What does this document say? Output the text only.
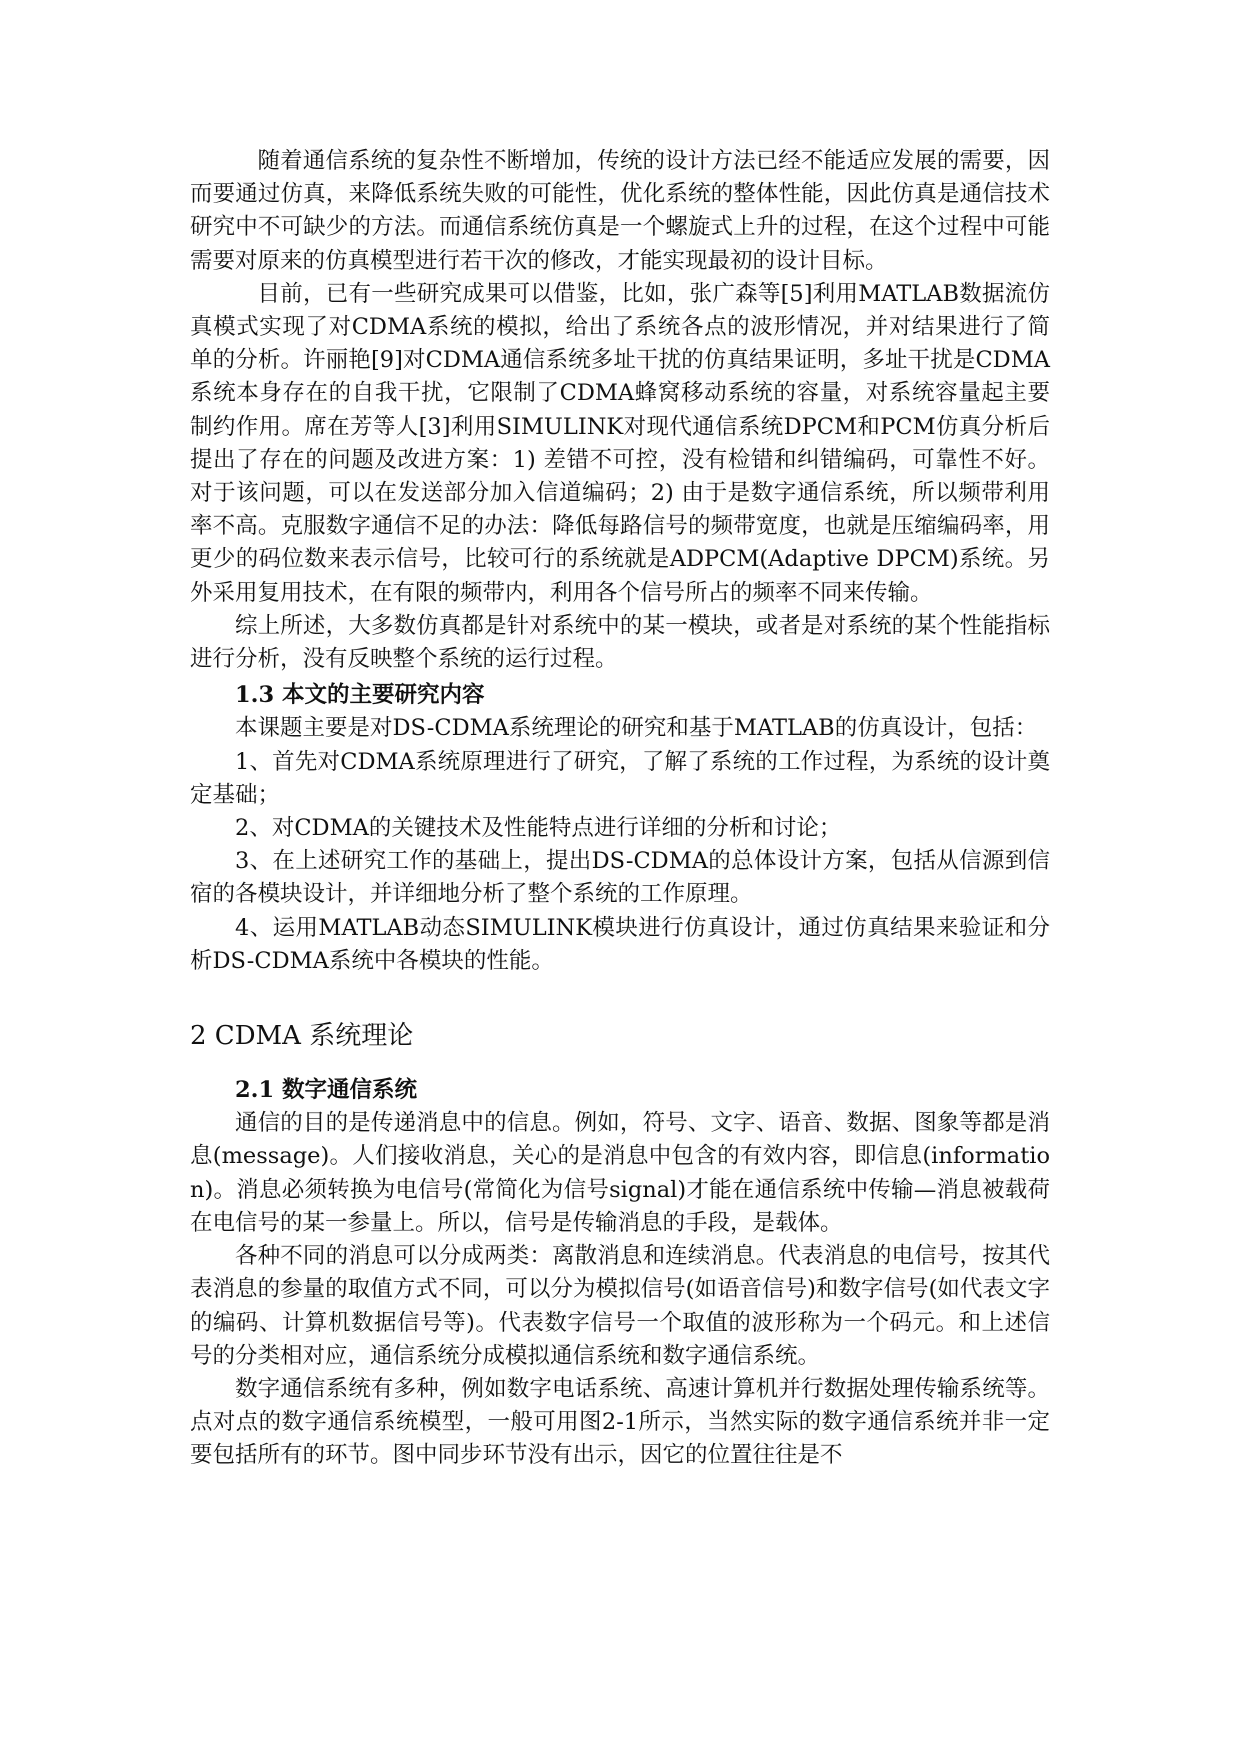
随着通信系统的复杂性不断增加，传统的设计方法已经不能适应发展的需要，因而要通过仿真，来降低系统失败的可能性，优化系统的整体性能，因此仿真是通信技术研究中不可缺少的方法。而通信系统仿真是一个螺旋式上升的过程，在这个过程中可能需要对原来的仿真模型进行若干次的修改，才能实现最初的设计目标。

目前，已有一些研究成果可以借鉴，比如，张广森等[5]利用MATLAB数据流仿真模式实现了对CDMA系统的模拟，给出了系统各点的波形情况，并对结果进行了简单的分析。许丽艳[9]对CDMA通信系统多址干扰的仿真结果证明，多址干扰是CDMA系统本身存在的自我干扰，它限制了CDMA蜂窝移动系统的容量，对系统容量起主要制约作用。席在芳等人[3]利用SIMULINK对现代通信系统DPCM和PCM仿真分析后提出了存在的问题及改进方案：1) 差错不可控，没有检错和纠错编码，可靠性不好。对于该问题，可以在发送部分加入信道编码；2) 由于是数字通信系统，所以频带利用率不高。克服数字通信不足的办法：降低每路信号的频带宽度，也就是压缩编码率，用更少的码位数来表示信号，比较可行的系统就是ADPCM(Adaptive DPCM)系统。另外采用复用技术，在有限的频带内，利用各个信号所占的频率不同来传输。

综上所述，大多数仿真都是针对系统中的某一模块，或者是对系统的某个性能指标进行分析，没有反映整个系统的运行过程。

1.3 本文的主要研究内容

本课题主要是对DS-CDMA系统理论的研究和基于MATLAB的仿真设计，包括：

1、首先对CDMA系统原理进行了研究，了解了系统的工作过程，为系统的设计奠定基础；

2、对CDMA的关键技术及性能特点进行详细的分析和讨论；

3、在上述研究工作的基础上，提出DS-CDMA的总体设计方案，包括从信源到信宿的各模块设计，并详细地分析了整个系统的工作原理。

4、运用MATLAB动态SIMULINK模块进行仿真设计，通过仿真结果来验证和分析DS-CDMA系统中各模块的性能。

2 CDMA 系统理论
2.1 数字通信系统

通信的目的是传递消息中的信息。例如，符号、文字、语音、数据、图象等都是消息(message)。人们接收消息，关心的是消息中包含的有效内容，即信息(information)。消息必须转换为电信号(常简化为信号signal)才能在通信系统中传输—消息被载荷在电信号的某一参量上。所以，信号是传输消息的手段，是载体。

各种不同的消息可以分成两类：离散消息和连续消息。代表消息的电信号，按其代表消息的参量的取值方式不同，可以分为模拟信号(如语音信号)和数字信号(如代表文字的编码、计算机数据信号等)。代表数字信号一个取值的波形称为一个码元。和上述信号的分类相对应，通信系统分成模拟通信系统和数字通信系统。

数字通信系统有多种，例如数字电话系统、高速计算机并行数据处理传输系统等。点对点的数字通信系统模型，一般可用图2-1所示，当然实际的数字通信系统并非一定要包括所有的环节。图中同步环节没有出示，因它的位置往往是不
